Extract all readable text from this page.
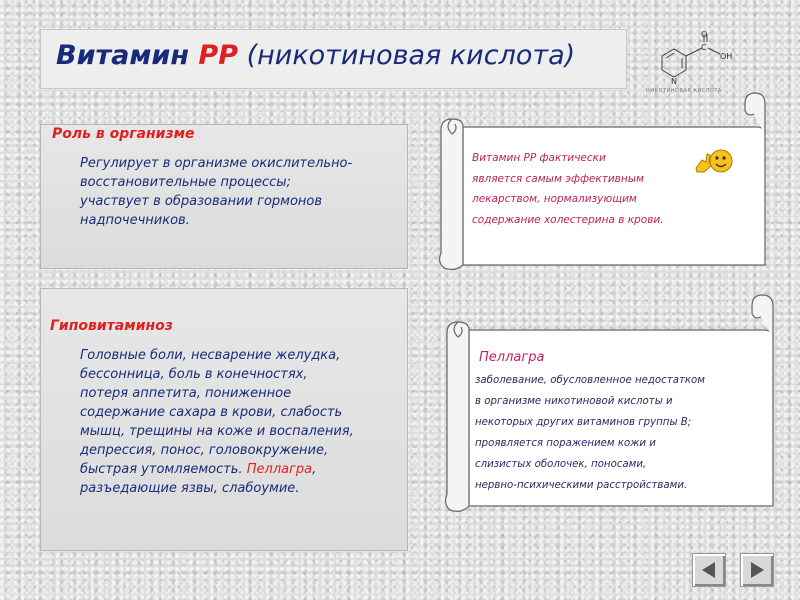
Витамин РР (никотиновая кислота)	C
O
OH
N
НИКОТИНОВАЯ КИСЛОТА
Роль в организме
Регулирует в организме окислительно-
восстановительные процессы;
участвует в образовании гормонов
надпочечников.
Гиповитаминоз
Головные боли, несварение желудка,
бессонница, боль в конечностях,
потеря аппетита, пониженное
содержание сахара в крови, слабость
мышц, трещины на коже и воспаления,
депрессия, понос, головокружение,
быстрая утомляемость. Пеллагра,
разъедающие язвы, слабоумие.
Витамин РР фактически
является самым эффективным
лекарством, нормализующим
содержание холестерина в крови.
Пеллагра
заболевание, обусловленное недостатком
в организме никотиновой кислоты и
некоторых других витаминов группы В;
проявляется поражением кожи и
слизистых оболочек, поносами,
нервно-психическими расстройствами.
